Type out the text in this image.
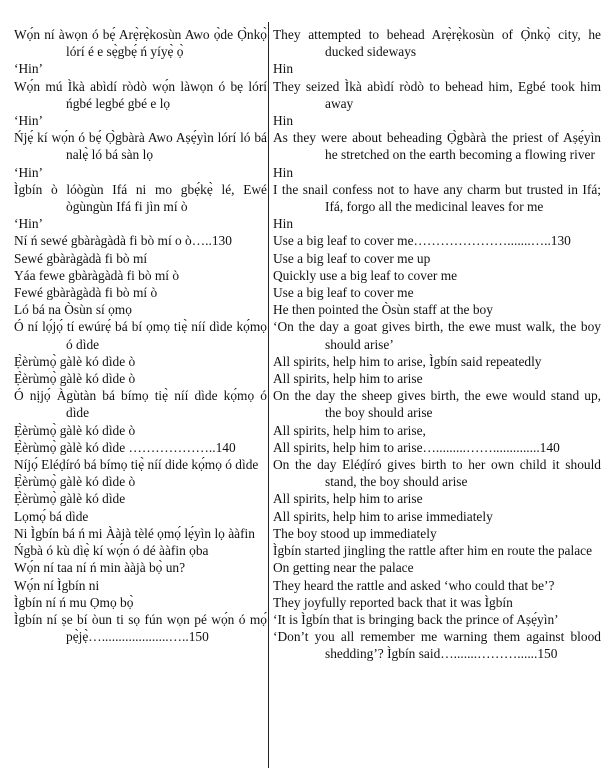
Wọ́n ní àwọn ó bẹ́ Arẹ̀rẹ̀kosùn Awo ọ̀de Ọ̀nkọ̀ lórí é e sẹ̀gbẹ́ ń yíyẹ̀ ọ̀
‘Hin’
Wọ́n mú Ìkà abìdí ròdò wọ́n làwọn ó bẹ lórí ńgbé legbé gbé e lọ
‘Hin’
Ńjẹ́ kí wọ́n ó bẹ́ Ọ̀gbàrà Awo Aṣẹ́yìn lórí ló bá nalẹ̀ ló bá sàn lọ
‘Hin’
Ìgbín ò lóògùn Ifá ni mo gbẹ́kẹ̀ lé, Ewé ògùngùn Ifá fi jìn mí ò
‘Hin’
Ní ń sewé gbàràgàdà fi bò mí o ò…..130
Sewé gbàràgàdà fi bò mí
Yáa fewe gbàràgàdà fi bò mí ò
Fewé gbàràgàdà fi bò mí ò
Ló bá na Òsùn sí ọmọ
Ó ní lọ́jọ́ tí ewúrẹ́ bá bí ọmọ tiẹ̀ níí dìde kọ́mọ ó dìde
Ẹ̀èrùmọ̀ gàlè kó dìde ò
Ẹ̀èrùmọ̀ gàlè kó dìde ò
Ó nịjọ́ Àgùtàn bá bímọ tiẹ̀ níí dìde kọ́mọ ó dìde
Ẹ̀èrùmọ̀ gàlè kó dìde ò
Ẹ̀èrùmọ̀ gàlè kó dìde ………………..140
Níjọ́ Eléḍíró bá bímọ tiẹ̀ níí dide kọ́mọ ó dìde
Ẹ̀èrùmọ̀ gàlè kó dìde ò
Ẹ̀èrùmọ̀ gàlè kó dìde
Lọmọ́ bá dìde
Ni Ìgbín bá ń mi Ààjà tèlé ọmọ́ lẹ́yìn lọ ààfin
Ńgbà ó kù dìẹ̀ kí wọ́n ó dé ààfin ọba
Wọ́n ní taa ní ń min ààjà bọ̀ un?
Wọ́n ní Ìgbín ni
Ìgbín ní ń mu Ọmọ bọ̀
Ìgbín ní ṣe bí òun ti sọ fún wọn pé wọ́n ó mọ́ pẹ̀jẹ̀…....................…..150
They attempted to behead Arẹ̀rẹ̀kosùn of Ọ̀nkọ̀ city, he ducked sideways
Hin
They seized Ìkà abìdí ròdò to behead him, Egbé took him away
Hin
As they were about beheading Ọ̀gbàrà the priest of Aṣẹ́yìn he stretched on the earth becoming a flowing river
Hin
I the snail confess not to have any charm but trusted in Ifá; Ifá, forgo all the medicinal leaves for me
Hin
Use a big leaf to cover me………………….......…..130
Use a big leaf to cover me up
Quickly use a big leaf to cover me
Use a big leaf to cover me
He then pointed the Òsùn staff at the boy
‘On the day a goat gives birth, the ewe must walk, the boy should arise’
All spirits, help him to arise, Ìgbín said repeatedly
All spirits, help him to arise
On the day the sheep gives birth, the ewe would stand up, the boy should arise
All spirits, help him to arise,
All spirits, help him to arise….........……..............140
On the day Eléḍíró gives birth to her own child it should stand, the boy should arise
All spirits, help him to arise
All spirits, help him to arise immediately
The boy stood up immediately
Ìgbín started jingling the rattle after him en route the palace
On getting near the palace
They heard the rattle and asked ‘who could that be’?
They joyfully reported back that it was Ìgbín
‘It is Ìgbín that is bringing back the prince of Aṣẹ́yìn’
‘Don’t you all remember me warning them against blood shedding’? Ìgbín said….......………......150
